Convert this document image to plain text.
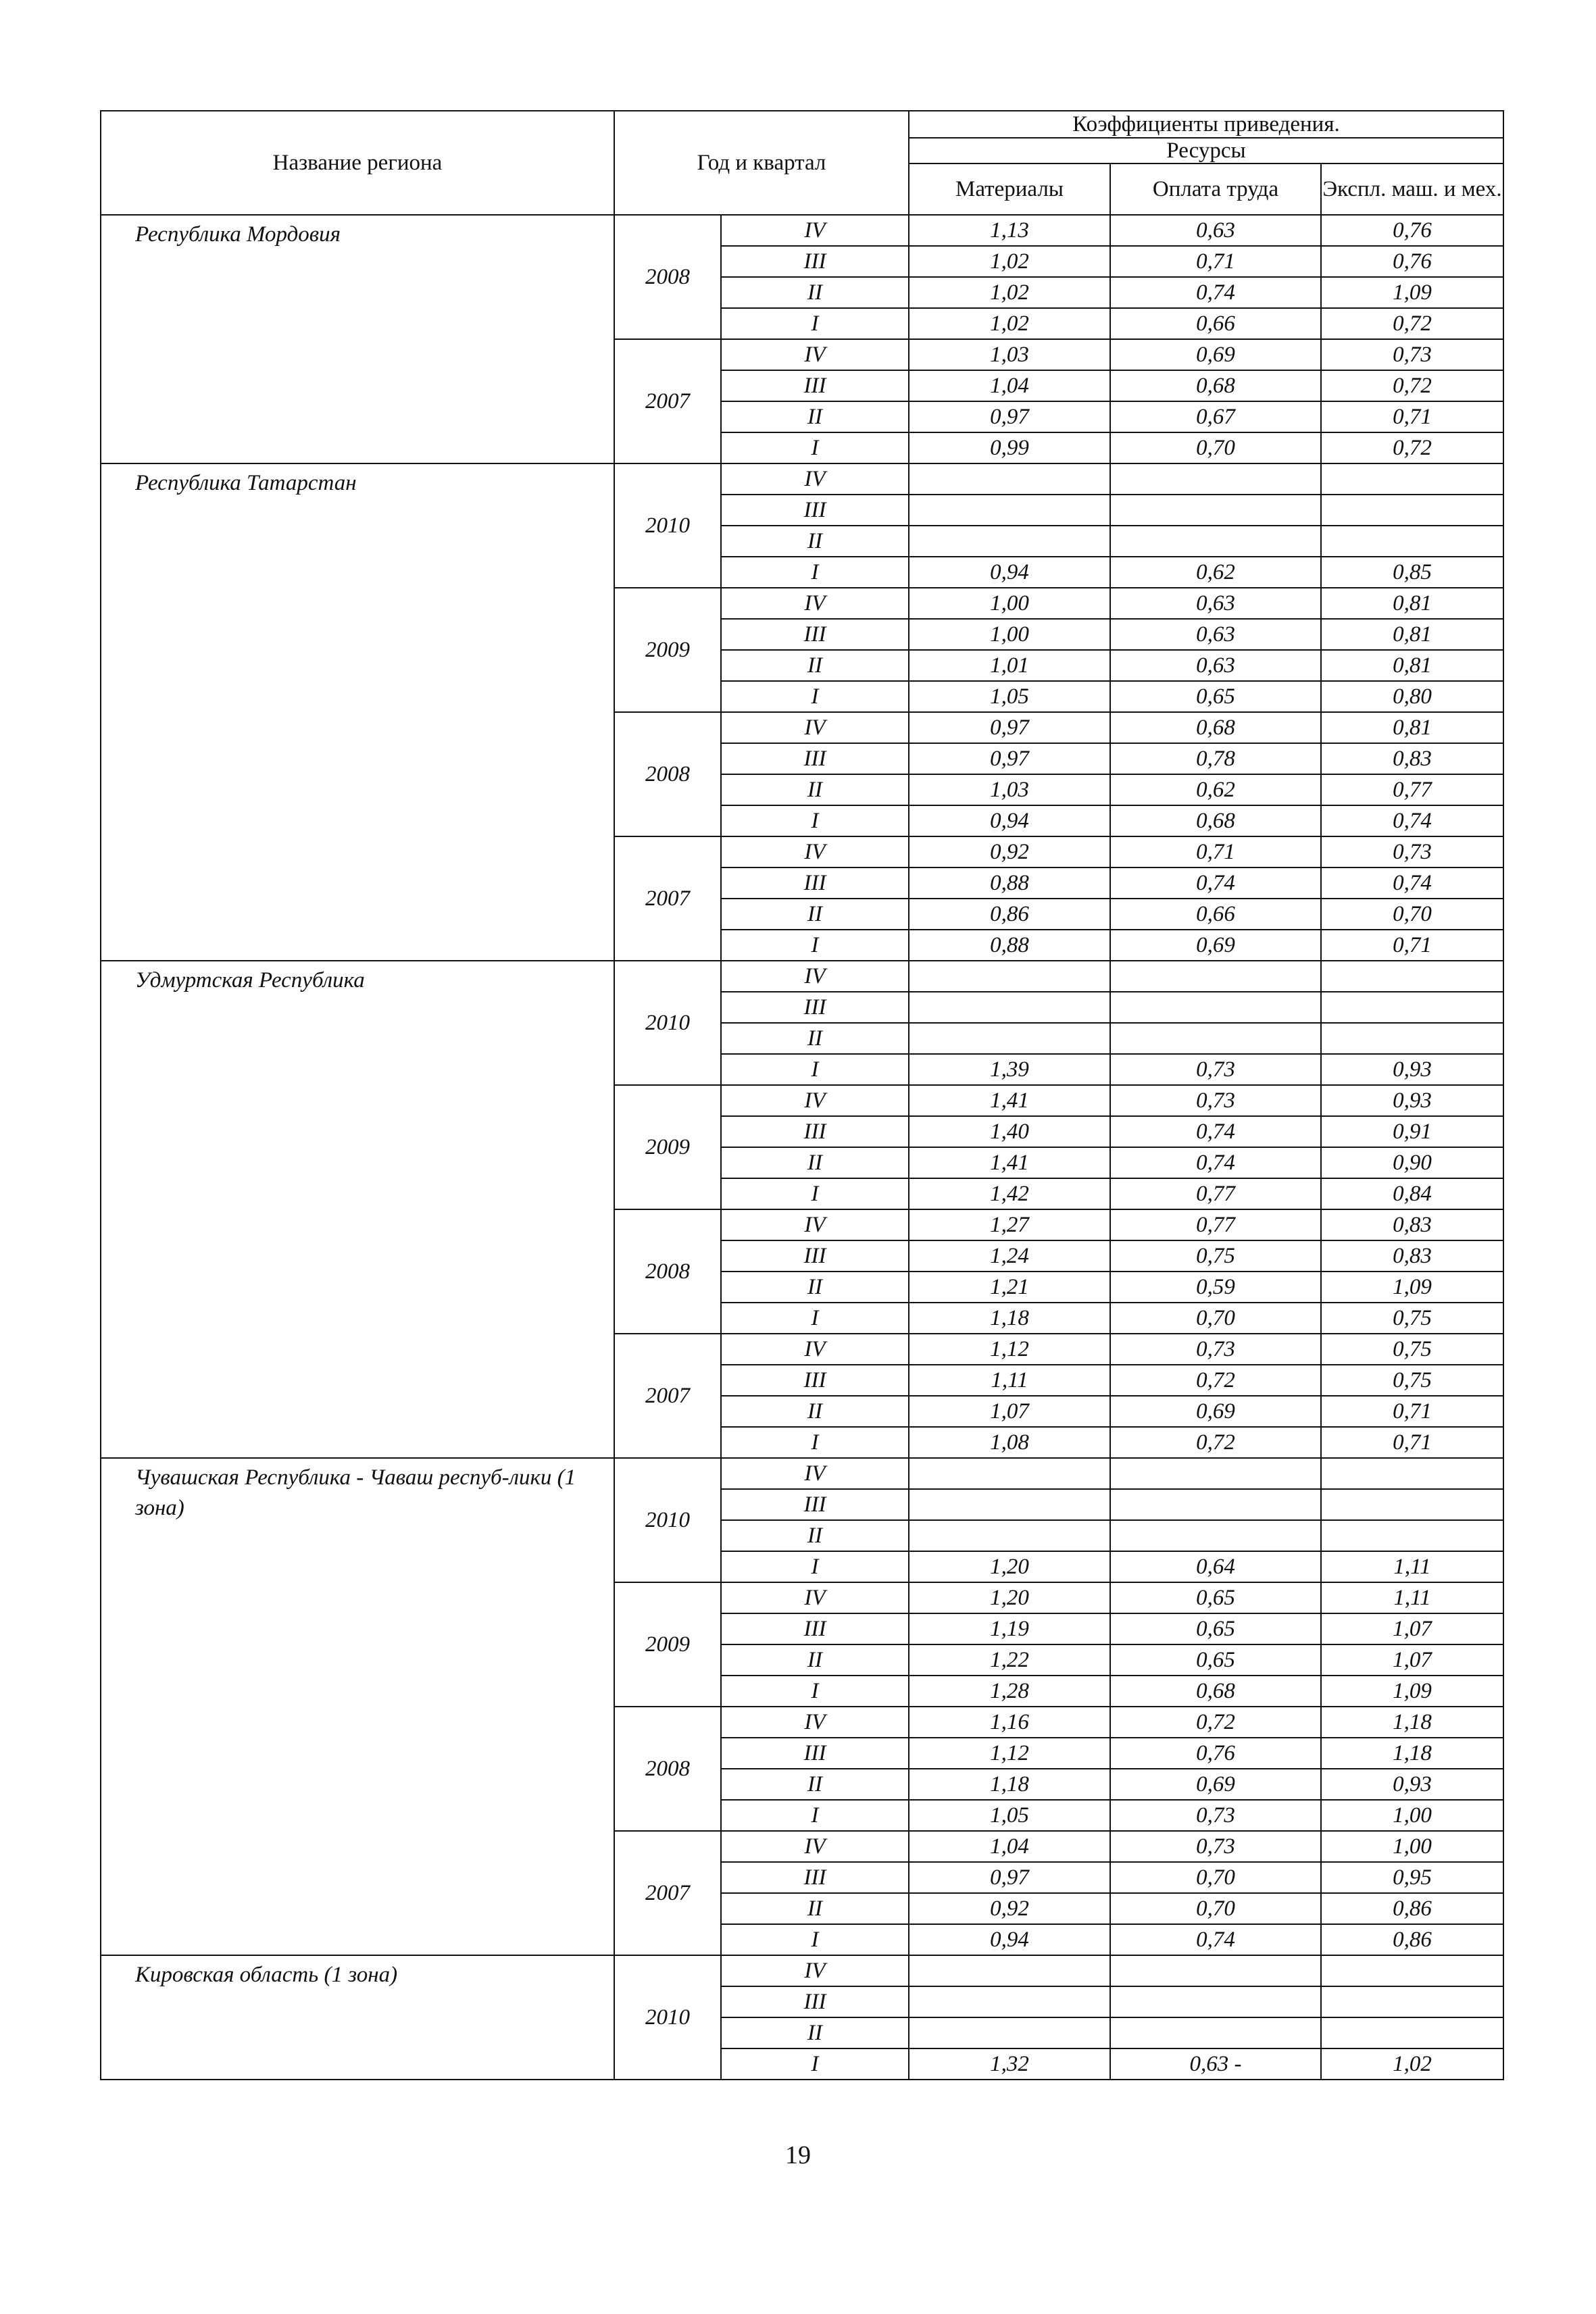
Название региона	Год и квартал		Коэффициенты приведения.		
			Ресурсы		
			Материалы	Оплата труда	Экспл. маш. и мех.
Республика Мордовия	2008	IV	1,13	0,63	0,76
		III	1,02	0,71	0,76
		II	1,02	0,74	1,09
		I	1,02	0,66	0,72
	2007	IV	1,03	0,69	0,73
		III	1,04	0,68	0,72
		II	0,97	0,67	0,71
		I	0,99	0,70	0,72
Республика Татарстан	2010	IV			
		III			
		II			
		I	0,94	0,62	0,85
	2009	IV	1,00	0,63	0,81
		III	1,00	0,63	0,81
		II	1,01	0,63	0,81
		I	1,05	0,65	0,80
	2008	IV	0,97	0,68	0,81
		III	0,97	0,78	0,83
		II	1,03	0,62	0,77
		I	0,94	0,68	0,74
	2007	IV	0,92	0,71	0,73
		III	0,88	0,74	0,74
		II	0,86	0,66	0,70
		I	0,88	0,69	0,71
Удмуртская Республика	2010	IV			
		III			
		II			
		I	1,39	0,73	0,93
	2009	IV	1,41	0,73	0,93
		III	1,40	0,74	0,91
		II	1,41	0,74	0,90
		I	1,42	0,77	0,84
	2008	IV	1,27	0,77	0,83
		III	1,24	0,75	0,83
		II	1,21	0,59	1,09
		I	1,18	0,70	0,75
	2007	IV	1,12	0,73	0,75
		III	1,11	0,72	0,75
		II	1,07	0,69	0,71
		I	1,08	0,72	0,71
Чувашская Республика - Чаваш респуб-лики (1 зона)	2010	IV			
		III			
		II			
		I	1,20	0,64	1,11
	2009	IV	1,20	0,65	1,11
		III	1,19	0,65	1,07
		II	1,22	0,65	1,07
		I	1,28	0,68	1,09
	2008	IV	1,16	0,72	1,18
		III	1,12	0,76	1,18
		II	1,18	0,69	0,93
		I	1,05	0,73	1,00
	2007	IV	1,04	0,73	1,00
		III	0,97	0,70	0,95
		II	0,92	0,70	0,86
		I	0,94	0,74	0,86
Кировская область (1 зона)	2010	IV			
		III			
		II			
		I	1,32	0,63 -	1,02
19
